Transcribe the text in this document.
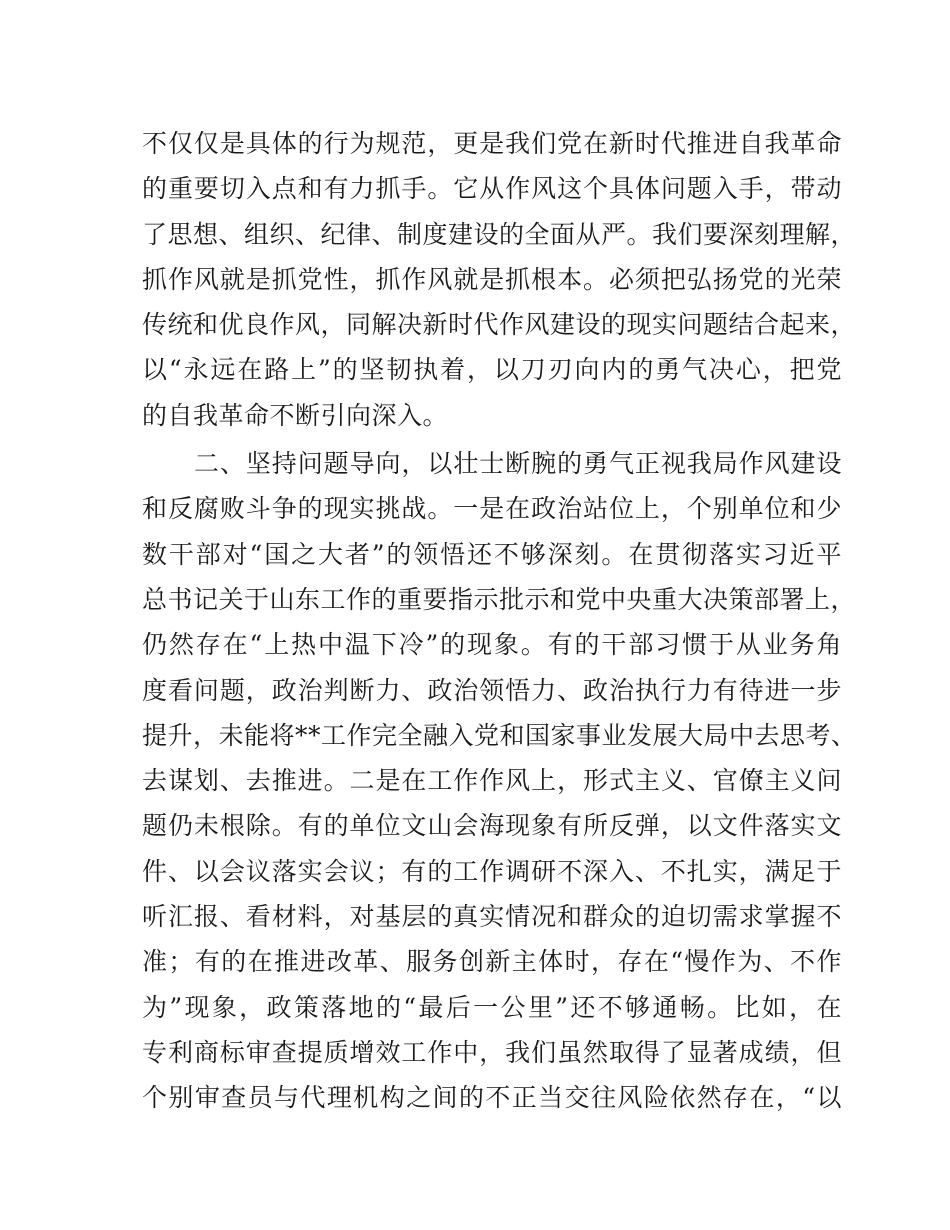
不仅仅是具体的行为规范，更是我们党在新时代推进自我革命
的重要切入点和有力抓手。它从作风这个具体问题入手，带动
了思想、组织、纪律、制度建设的全面从严。我们要深刻理解，
抓作风就是抓党性，抓作风就是抓根本。必须把弘扬党的光荣
传统和优良作风，同解决新时代作风建设的现实问题结合起来，
以“永远在路上”的坚韧执着，以刀刃向内的勇气决心，把党
的自我革命不断引向深入。
二、坚持问题导向，以壮士断腕的勇气正视我局作风建设
和反腐败斗争的现实挑战。一是在政治站位上，个别单位和少
数干部对“国之大者”的领悟还不够深刻。在贯彻落实习近平
总书记关于山东工作的重要指示批示和党中央重大决策部署上，
仍然存在“上热中温下冷”的现象。有的干部习惯于从业务角
度看问题，政治判断力、政治领悟力、政治执行力有待进一步
提升，未能将**工作完全融入党和国家事业发展大局中去思考、
去谋划、去推进。二是在工作作风上，形式主义、官僚主义问
题仍未根除。有的单位文山会海现象有所反弹，以文件落实文
件、以会议落实会议；有的工作调研不深入、不扎实，满足于
听汇报、看材料，对基层的真实情况和群众的迫切需求掌握不
准；有的在推进改革、服务创新主体时，存在“慢作为、不作
为”现象，政策落地的“最后一公里”还不够通畅。比如，在
专利商标审查提质增效工作中，我们虽然取得了显著成绩，但
个别审查员与代理机构之间的不正当交往风险依然存在，“以
